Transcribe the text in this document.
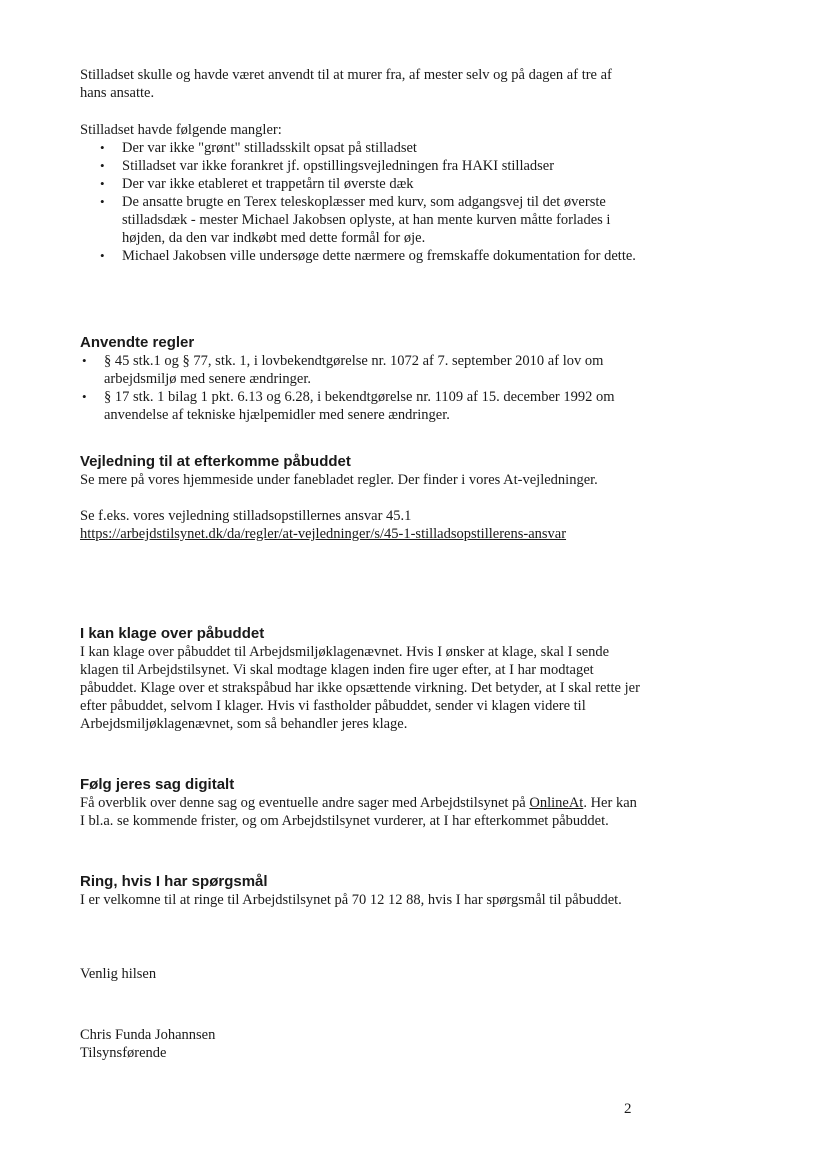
Stilladset skulle og havde været anvendt til at murer fra, af mester selv og på dagen af tre af hans ansatte.

Stilladset havde følgende mangler:

• Der var ikke "grønt" stilladsskilt opsat på stilladset
• Stilladset var ikke forankret jf. opstillingsvejledningen fra HAKI stilladser
• Der var ikke etableret et trappetårn til øverste dæk
• De ansatte brugte en Terex teleskoplæsser med kurv, som adgangsvej til det øverste stilladsdæk - mester Michael Jakobsen oplyste, at han mente kurven måtte forlades i højden, da den var indkøbt med dette formål for øje.
• Michael Jakobsen ville undersøge dette nærmere og fremskaffe dokumentation for dette.
Anvendte regler
• § 45 stk.1 og § 77, stk. 1, i lovbekendtgørelse nr. 1072 af 7. september 2010 af lov om arbejdsmiljø med senere ændringer.
• § 17 stk. 1 bilag 1 pkt. 6.13 og 6.28, i bekendtgørelse nr. 1109 af 15. december 1992 om anvendelse af tekniske hjælpemidler med senere ændringer.
Vejledning til at efterkomme påbuddet

Se mere på vores hjemmeside under fanebladet regler. Der finder i vores At-vejledninger.

Se f.eks. vores vejledning stilladsopstillernes ansvar 45.1

https://arbejdstilsynet.dk/da/regler/at-vejledninger/s/45-1-stilladsopstillerens-ansvar

I kan klage over påbuddet

I kan klage over påbuddet til Arbejdsmiljøklagenævnet. Hvis I ønsker at klage, skal I sende klagen til Arbejdstilsynet. Vi skal modtage klagen inden fire uger efter, at I har modtaget påbuddet. Klage over et strakspåbud har ikke opsættende virkning. Det betyder, at I skal rette jer efter påbuddet, selvom I klager. Hvis vi fastholder påbuddet, sender vi klagen videre til Arbejdsmiljøklagenævnet, som så behandler jeres klage.

Følg jeres sag digitalt

Få overblik over denne sag og eventuelle andre sager med Arbejdstilsynet på OnlineAt. Her kan I bl.a. se kommende frister, og om Arbejdstilsynet vurderer, at I har efterkommet påbuddet.

Ring, hvis I har spørgsmål

I er velkomne til at ringe til Arbejdstilsynet på 70 12 12 88, hvis I har spørgsmål til påbuddet.

Venlig hilsen

Chris Funda Johannsen

Tilsynsførende

2
